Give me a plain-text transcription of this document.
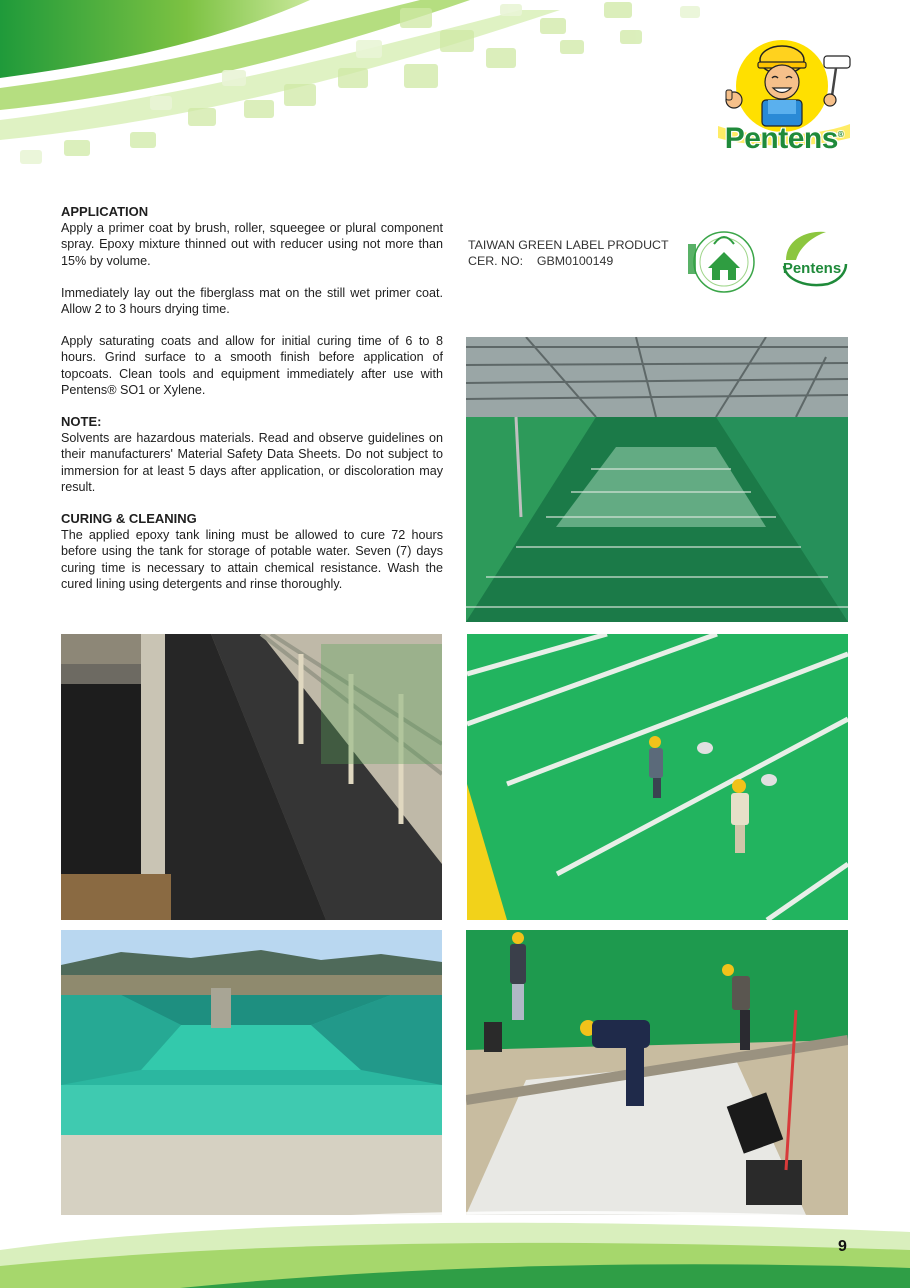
Pentens®

APPLICATION

Apply a primer coat by brush, roller, squeegee or plural component spray. Epoxy mixture thinned out with reducer using not more than 15% by volume.

Immediately lay out the fiberglass mat on the still wet primer coat. Allow 2 to 3 hours drying time.

Apply saturating coats and allow for initial curing time of 6 to 8 hours. Grind surface to a smooth finish before application of topcoats. Clean tools and equipment immediately after use with Pentens® SO1 or Xylene.

NOTE:

Solvents are hazardous materials. Read and observe guidelines on their manufacturers' Material Safety Data Sheets. Do not subject to immersion for at least 5 days after application, or discoloration may result.

CURING & CLEANING

The applied epoxy tank lining must be allowed to cure 72 hours before using the tank for storage of potable water. Seven (7) days curing time is necessary to attain chemical resistance. Wash the cured lining using detergents and rinse thoroughly.

TAIWAN GREEN LABEL PRODUCT
CER. NO: GBM0100149	Pentens
9
